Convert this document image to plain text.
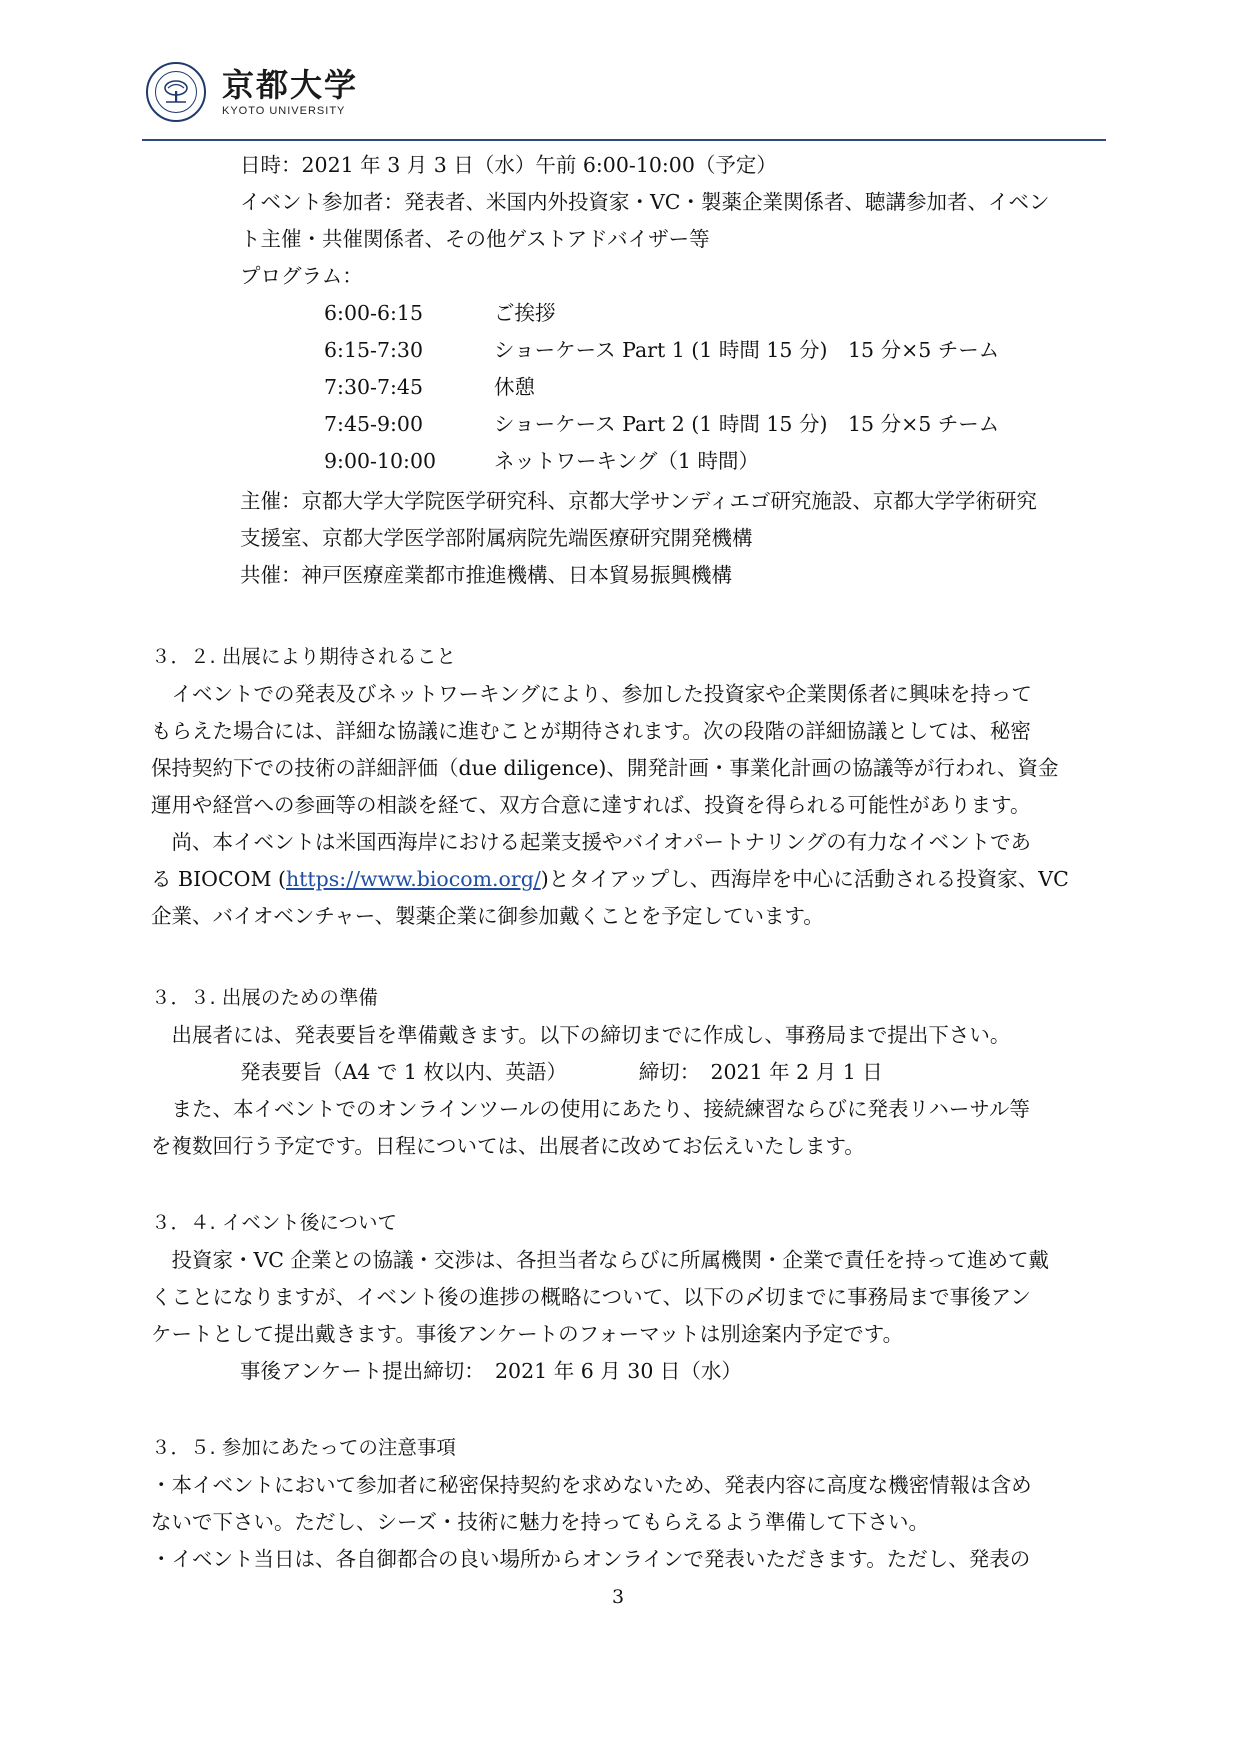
京都大学
KYOTO UNIVERSITY
日時：2021 年 3 月 3 日（水）午前 6:00-10:00（予定）
イベント参加者：発表者、米国内外投資家・VC・製薬企業関係者、聴講参加者、イベン
ト主催・共催関係者、その他ゲストアドバイザー等
プログラム：
6:00-6:15	ご挨拶
6:15-7:30	ショーケース Part 1 (1 時間 15 分)　15 分×5 チーム
7:30-7:45	休憩
7:45-9:00	ショーケース Part 2 (1 時間 15 分)　15 分×5 チーム
9:00-10:00	ネットワーキング（1 時間）
主催：京都大学大学院医学研究科、京都大学サンディエゴ研究施設、京都大学学術研究
支援室、京都大学医学部附属病院先端医療研究開発機構
共催：神戸医療産業都市推進機構、日本貿易振興機構
３．２. 出展により期待されること
　イベントでの発表及びネットワーキングにより、参加した投資家や企業関係者に興味を持って
もらえた場合には、詳細な協議に進むことが期待されます。次の段階の詳細協議としては、秘密
保持契約下での技術の詳細評価（due diligence)、開発計画・事業化計画の協議等が行われ、資金
運用や経営への参画等の相談を経て、双方合意に達すれば、投資を得られる可能性があります。
　尚、本イベントは米国西海岸における起業支援やバイオパートナリングの有力なイベントであ
る BIOCOM (https://www.biocom.org/)とタイアップし、西海岸を中心に活動される投資家、VC
企業、バイオベンチャー、製薬企業に御参加戴くことを予定しています。
３．３. 出展のための準備
　出展者には、発表要旨を準備戴きます。以下の締切までに作成し、事務局まで提出下さい。
発表要旨（A4 で 1 枚以内、英語）　　　　締切：　2021 年 2 月 1 日
　また、本イベントでのオンラインツールの使用にあたり、接続練習ならびに発表リハーサル等
を複数回行う予定です。日程については、出展者に改めてお伝えいたします。
３．４. イベント後について
　投資家・VC 企業との協議・交渉は、各担当者ならびに所属機関・企業で責任を持って進めて戴
くことになりますが、イベント後の進捗の概略について、以下の〆切までに事務局まで事後アン
ケートとして提出戴きます。事後アンケートのフォーマットは別途案内予定です。
事後アンケート提出締切：　2021 年 6 月 30 日（水）
３．５. 参加にあたっての注意事項
・本イベントにおいて参加者に秘密保持契約を求めないため、発表内容に高度な機密情報は含め
ないで下さい。ただし、シーズ・技術に魅力を持ってもらえるよう準備して下さい。
・イベント当日は、各自御都合の良い場所からオンラインで発表いただきます。ただし、発表の
3
